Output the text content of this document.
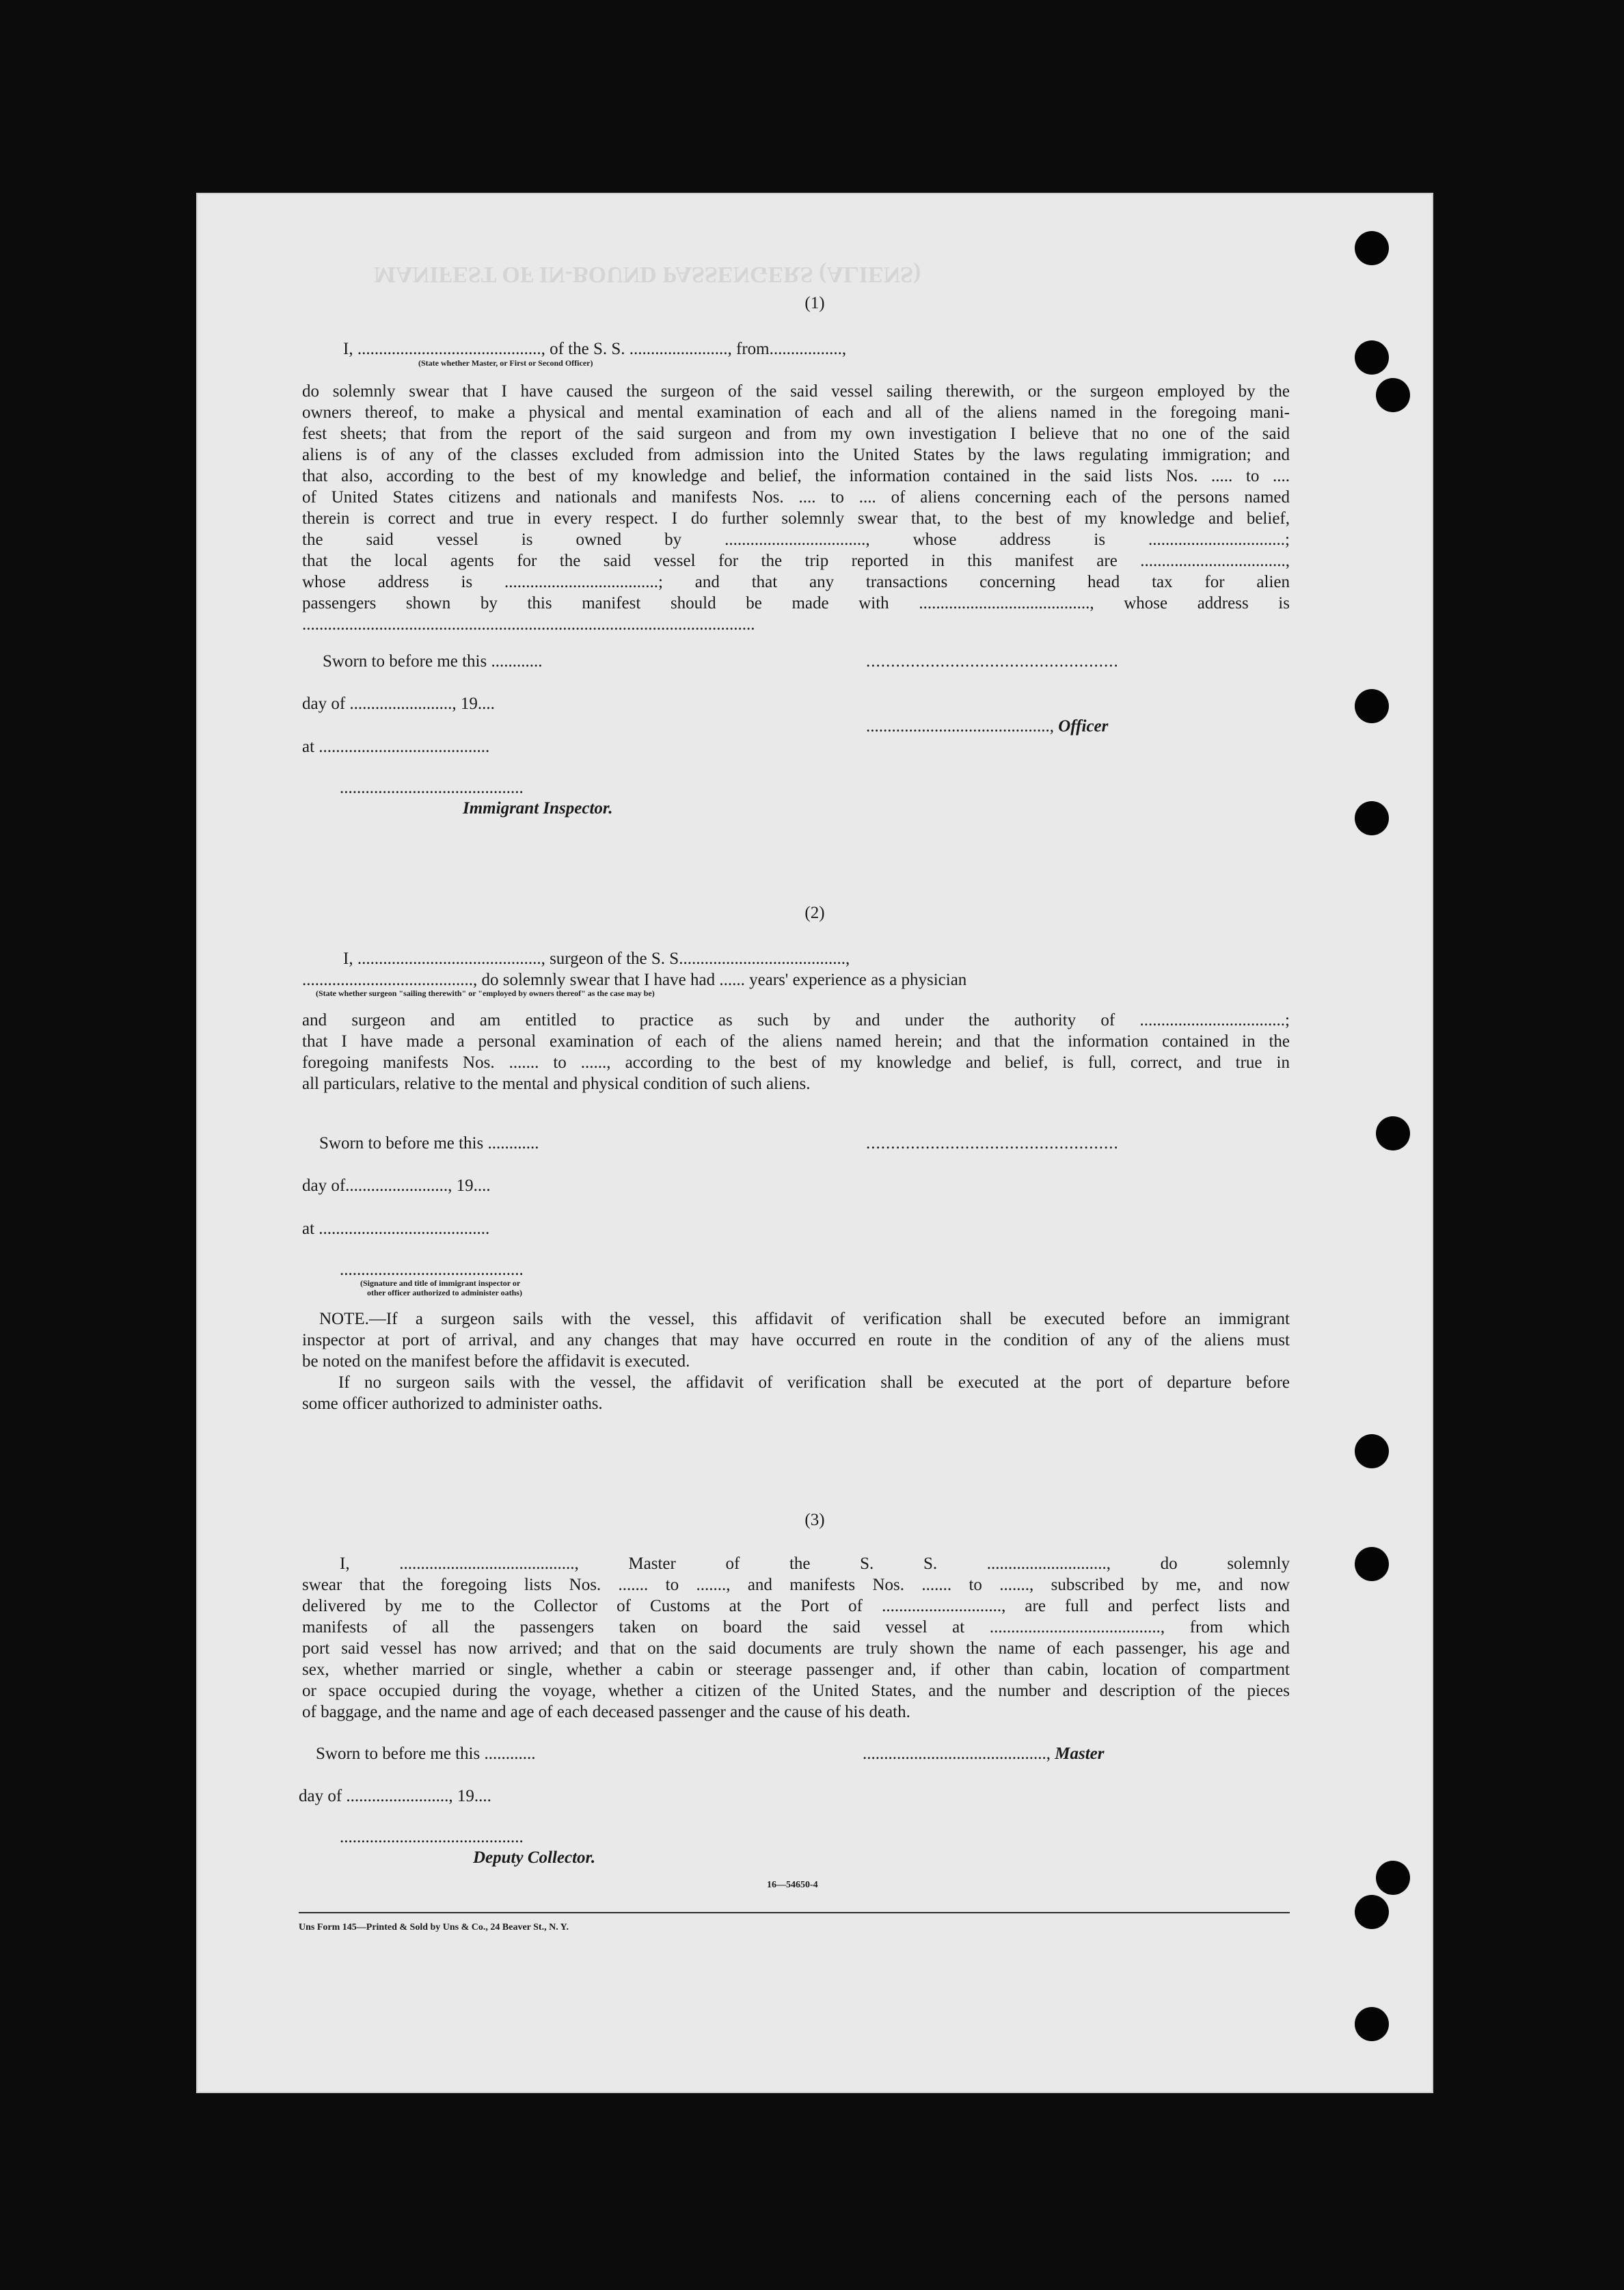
MANIFEST OF IN-BOUND PASSENGERS (ALIENS)
(1)
I, ..........................................., of the S. S. ......................., from.................,
(State whether Master, or First or Second Officer)
do solemnly swear that I have caused the surgeon of the said vessel sailing therewith, or the surgeon employed by the
owners thereof, to make a physical and mental examination of each and all of the aliens named in the foregoing mani-
fest sheets; that from the report of the said surgeon and from my own investigation I believe that no one of the said
aliens is of any of the classes excluded from admission into the United States by the laws regulating immigration; and
that also, according to the best of my knowledge and belief, the information contained in the said lists Nos. ..... to ....
of United States citizens and nationals and manifests Nos. .... to .... of aliens concerning each of the persons named
therein is correct and true in every respect. I do further solemnly swear that, to the best of my knowledge and belief,
the said vessel is owned by ................................., whose address is ................................;
that the local agents for the said vessel for the trip reported in this manifest are ..................................,
whose address is ....................................; and that any transactions concerning head tax for alien
passengers shown by this manifest should be made with ........................................, whose address is
..........................................................................................................
Sworn to before me this ............	...................................................
day of ........................, 19....
..........................................., Officer
at ........................................
...........................................
Immigrant Inspector.
(2)
I, ..........................................., surgeon of the S. S.......................................,
........................................, do solemnly swear that I have had ...... years' experience as a physician
(State whether surgeon "sailing therewith" or "employed by owners thereof" as the case may be)
and surgeon and am entitled to practice as such by and under the authority of ..................................;
that I have made a personal examination of each of the aliens named herein; and that the information contained in the
foregoing manifests Nos. ....... to ......, according to the best of my knowledge and belief, is full, correct, and true in
all particulars, relative to the mental and physical condition of such aliens.
Sworn to before me this ............	...................................................
day of........................, 19....
at ........................................
...........................................
(Signature and title of immigrant inspector or
other officer authorized to administer oaths)
NOTE.—If a surgeon sails with the vessel, this affidavit of verification shall be executed before an immigrant
inspector at port of arrival, and any changes that may have occurred en route in the condition of any of the aliens must
be noted on the manifest before the affidavit is executed.
If no surgeon sails with the vessel, the affidavit of verification shall be executed at the port of departure before
some officer authorized to administer oaths.
(3)
I, ........................................., Master of the S. S. ............................, do solemnly
swear that the foregoing lists Nos. ....... to ......., and manifests Nos. ....... to ......., subscribed by me, and now
delivered by me to the Collector of Customs at the Port of ............................, are full and perfect lists and
manifests of all the passengers taken on board the said vessel at ........................................, from which
port said vessel has now arrived; and that on the said documents are truly shown the name of each passenger, his age and
sex, whether married or single, whether a cabin or steerage passenger and, if other than cabin, location of compartment
or space occupied during the voyage, whether a citizen of the United States, and the number and description of the pieces
of baggage, and the name and age of each deceased passenger and the cause of his death.
Sworn to before me this ............	..........................................., Master
day of ........................, 19....
...........................................
Deputy Collector.
16—54650-4
Uns Form 145—Printed & Sold by Uns & Co., 24 Beaver St., N. Y.
